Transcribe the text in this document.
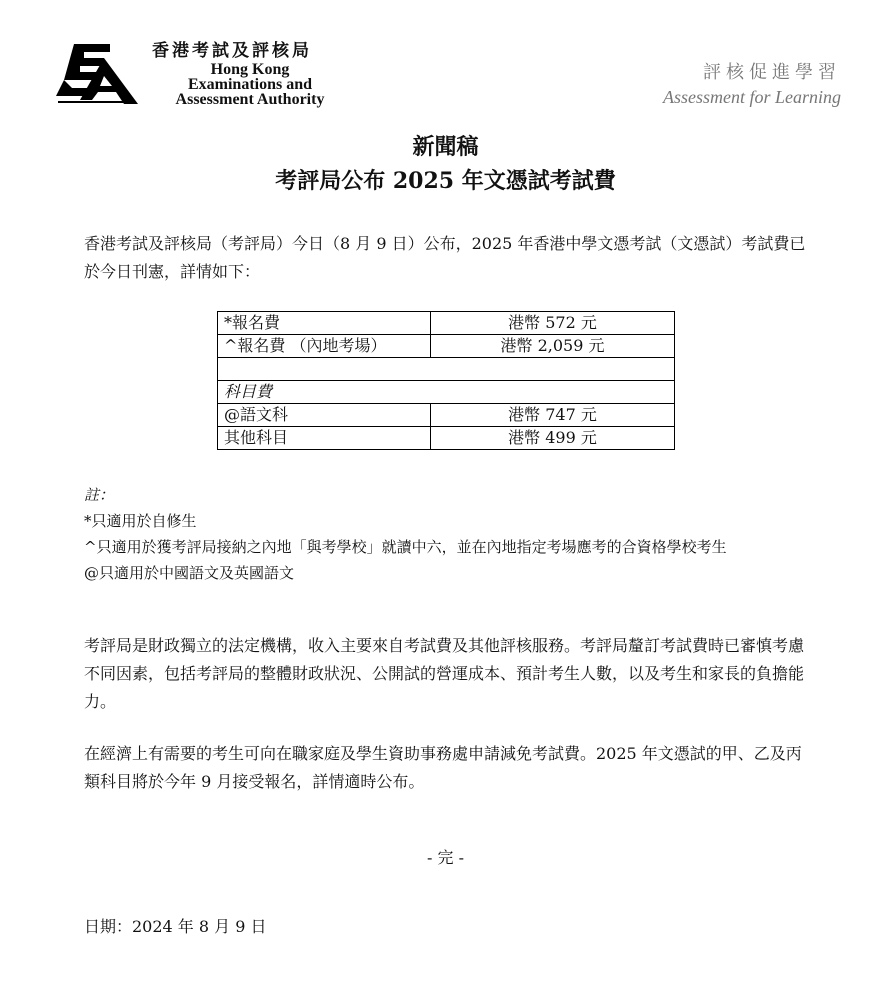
香港考試及評核局
Hong Kong
Examinations and
Assessment Authority
評核促進學習
Assessment for Learning
新聞稿
考評局公布 2025 年文憑試考試費
香港考試及評核局（考評局）今日（8 月 9 日）公布，2025 年香港中學文憑考試（文憑試）考試費已於今日刊憲，詳情如下：
*報名費	港幣 572 元
^報名費 （內地考場）	港幣 2,059 元

科目費	
@語文科	港幣 747 元
其他科目	港幣 499 元
註：
*只適用於自修生
^只適用於獲考評局接納之內地「與考學校」就讀中六，並在內地指定考場應考的合資格學校考生
@只適用於中國語文及英國語文
考評局是財政獨立的法定機構，收入主要來自考試費及其他評核服務。考評局釐訂考試費時已審慎考慮不同因素，包括考評局的整體財政狀況、公開試的營運成本、預計考生人數，以及考生和家長的負擔能力。
在經濟上有需要的考生可向在職家庭及學生資助事務處申請減免考試費。2025 年文憑試的甲、乙及丙類科目將於今年 9 月接受報名，詳情適時公布。
- 完 -
日期：2024 年 8 月 9 日
